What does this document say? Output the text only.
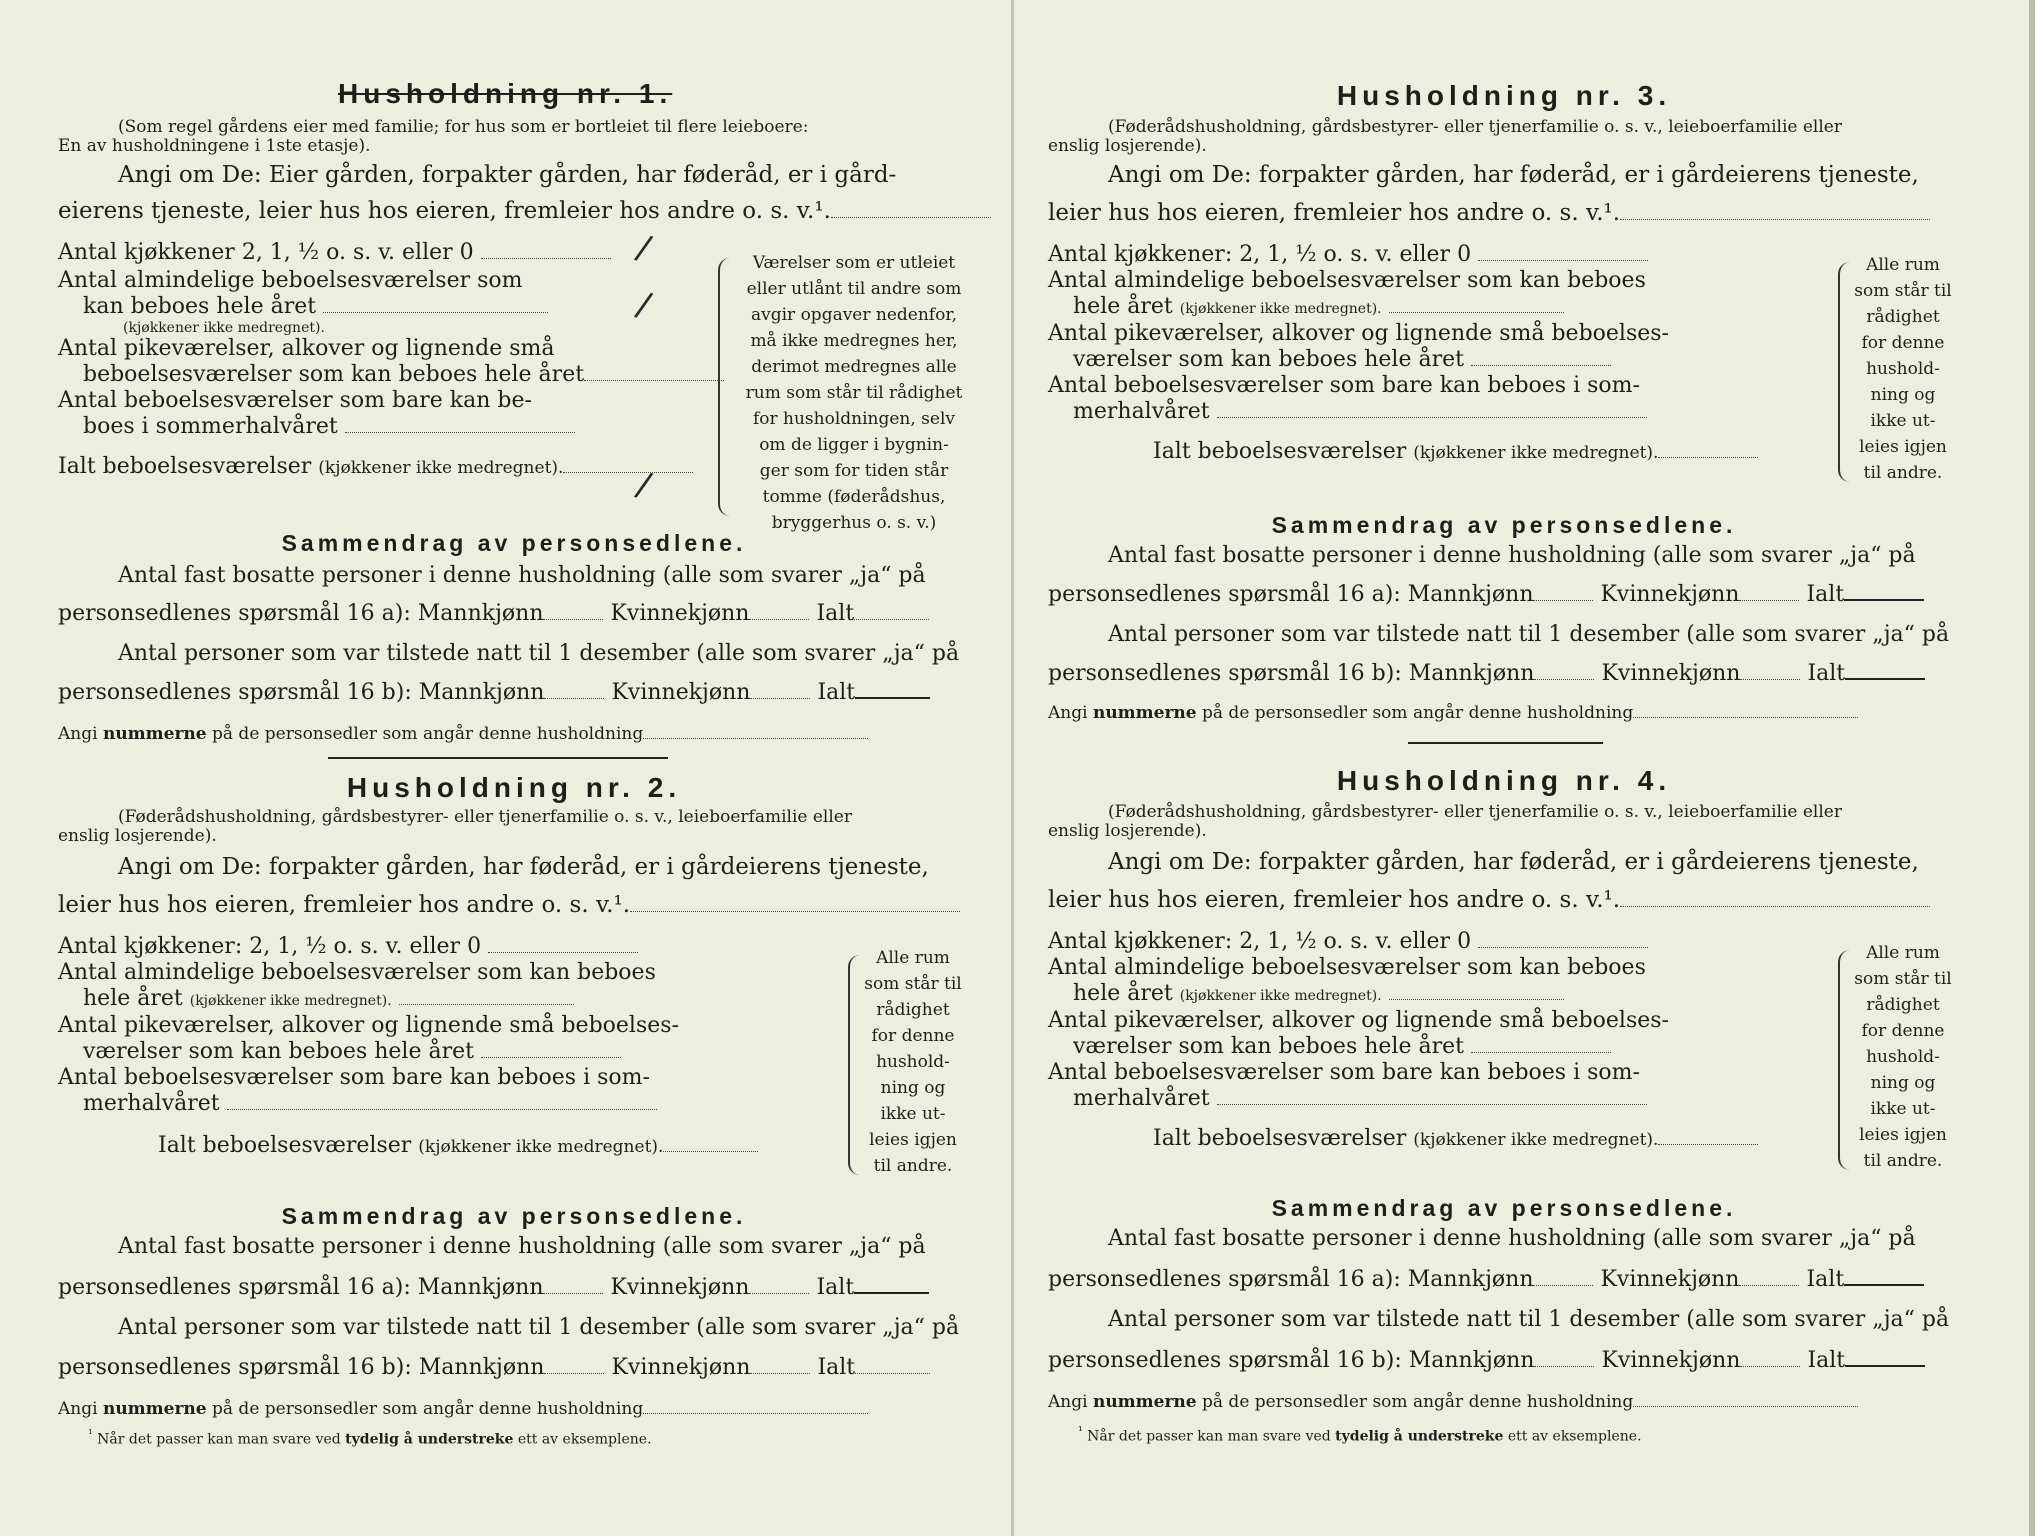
Husholdning nr. 1.
(Som regel gårdens eier med familie; for hus som er bortleiet til flere leieboere:
En av husholdningene i 1ste etasje).
Angi om De: Eier gården, forpakter gården, har føderåd, er i gård-
eierens tjeneste, leier hus hos eieren, fremleier hos andre o. s. v.¹.
Antal kjøkkener 2, 1, ½ o. s. v. eller 0
Antal almindelige beboelsesværelser som
kan beboes hele året
(kjøkkener ikke medregnet).
Antal pikeværelser, alkover og lignende små
beboelsesværelser som kan beboes hele året
Antal beboelsesværelser som bare kan be-
boes i sommerhalvåret
Ialt beboelsesværelser (kjøkkener ikke medregnet).
Værelser som er utleiet
eller utlånt til andre som
avgir opgaver nedenfor,
må ikke medregnes her,
derimot medregnes alle
rum som står til rådighet
for husholdningen, selv
om de ligger i bygnin-
ger som for tiden står
tomme (føderådshus,
bryggerhus o. s. v.)
/
/
/
Sammendrag av personsedlene.
Antal fast bosatte personer i denne husholdning (alle som svarer „ja“ på
personsedlenes spørsmål 16 a): Mannkjønn	Kvinnekjønn	Ialt
Antal personer som var tilstede natt til 1 desember (alle som svarer „ja“ på
personsedlenes spørsmål 16 b): Mannkjønn	Kvinnekjønn	Ialt
Angi nummerne på de personsedler som angår denne husholdning
Husholdning nr. 2.
(Føderådshusholdning, gårdsbestyrer- eller tjenerfamilie o. s. v., leieboerfamilie eller
enslig losjerende).
Angi om De: forpakter gården, har føderåd, er i gårdeierens tjeneste,
leier hus hos eieren, fremleier hos andre o. s. v.¹.
Antal kjøkkener: 2, 1, ½ o. s. v. eller 0
Antal almindelige beboelsesværelser som kan beboes
hele året (kjøkkener ikke medregnet).
Antal pikeværelser, alkover og lignende små beboelses-
værelser som kan beboes hele året
Antal beboelsesværelser som bare kan beboes i som-
merhalvåret
Ialt beboelsesværelser (kjøkkener ikke medregnet).
Alle rum
som står til
rådighet
for denne
hushold-
ning og
ikke ut-
leies igjen
til andre.
Sammendrag av personsedlene.
Antal fast bosatte personer i denne husholdning (alle som svarer „ja“ på
personsedlenes spørsmål 16 a): Mannkjønn	Kvinnekjønn	Ialt
Antal personer som var tilstede natt til 1 desember (alle som svarer „ja“ på
personsedlenes spørsmål 16 b): Mannkjønn	Kvinnekjønn	Ialt
Angi nummerne på de personsedler som angår denne husholdning
$^{^1}$ Når det passer kan man svare ved tydelig å understreke ett av eksemplene.
Husholdning nr. 3.
(Føderådshusholdning, gårdsbestyrer- eller tjenerfamilie o. s. v., leieboerfamilie eller
enslig losjerende).
Angi om De: forpakter gården, har føderåd, er i gårdeierens tjeneste,
leier hus hos eieren, fremleier hos andre o. s. v.¹.
Antal kjøkkener: 2, 1, ½ o. s. v. eller 0
Antal almindelige beboelsesværelser som kan beboes
hele året (kjøkkener ikke medregnet).
Antal pikeværelser, alkover og lignende små beboelses-
værelser som kan beboes hele året
Antal beboelsesværelser som bare kan beboes i som-
merhalvåret
Ialt beboelsesværelser (kjøkkener ikke medregnet).
Alle rum
som står til
rådighet
for denne
hushold-
ning og
ikke ut-
leies igjen
til andre.
Sammendrag av personsedlene.
Antal fast bosatte personer i denne husholdning (alle som svarer „ja“ på
personsedlenes spørsmål 16 a): Mannkjønn	Kvinnekjønn	Ialt
Antal personer som var tilstede natt til 1 desember (alle som svarer „ja“ på
personsedlenes spørsmål 16 b): Mannkjønn	Kvinnekjønn	Ialt
Angi nummerne på de personsedler som angår denne husholdning
Husholdning nr. 4.
(Føderådshusholdning, gårdsbestyrer- eller tjenerfamilie o. s. v., leieboerfamilie eller
enslig losjerende).
Angi om De: forpakter gården, har føderåd, er i gårdeierens tjeneste,
leier hus hos eieren, fremleier hos andre o. s. v.¹.
Antal kjøkkener: 2, 1, ½ o. s. v. eller 0
Antal almindelige beboelsesværelser som kan beboes
hele året (kjøkkener ikke medregnet).
Antal pikeværelser, alkover og lignende små beboelses-
værelser som kan beboes hele året
Antal beboelsesværelser som bare kan beboes i som-
merhalvåret
Ialt beboelsesværelser (kjøkkener ikke medregnet).
Alle rum
som står til
rådighet
for denne
hushold-
ning og
ikke ut-
leies igjen
til andre.
Sammendrag av personsedlene.
Antal fast bosatte personer i denne husholdning (alle som svarer „ja“ på
personsedlenes spørsmål 16 a): Mannkjønn	Kvinnekjønn	Ialt
Antal personer som var tilstede natt til 1 desember (alle som svarer „ja“ på
personsedlenes spørsmål 16 b): Mannkjønn	Kvinnekjønn	Ialt
Angi nummerne på de personsedler som angår denne husholdning
$^{^1}$ Når det passer kan man svare ved tydelig å understreke ett av eksemplene.
